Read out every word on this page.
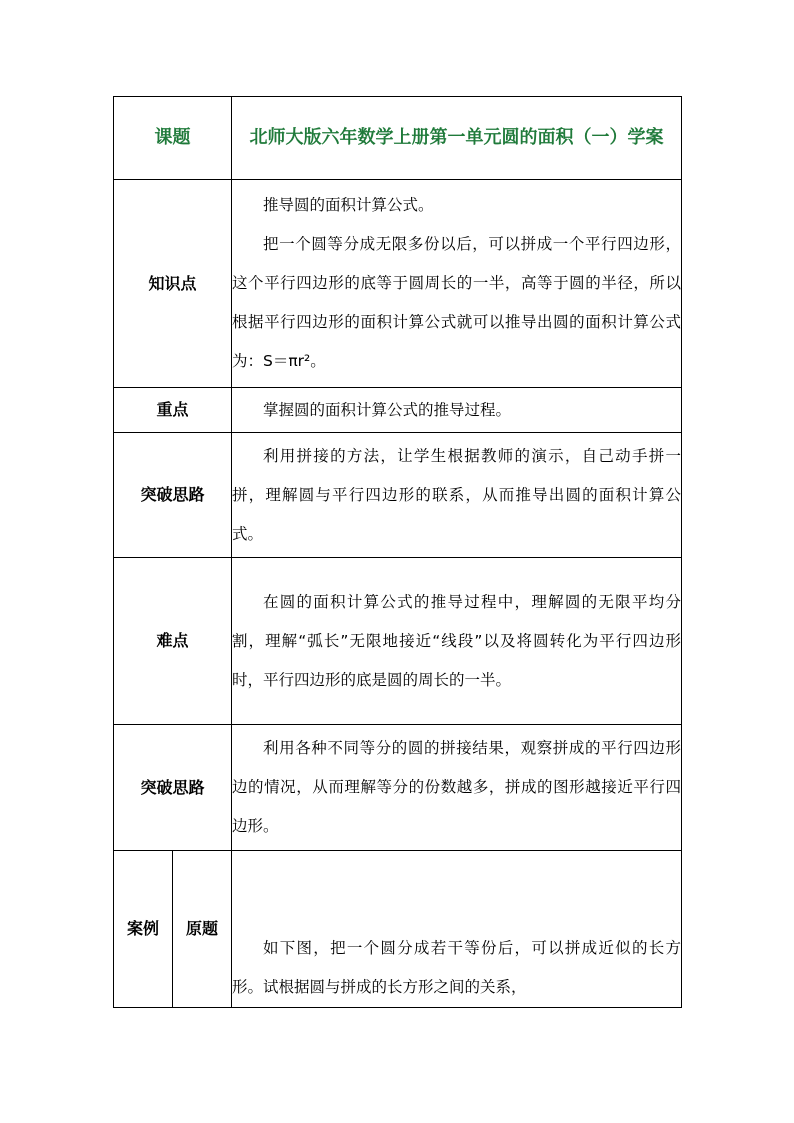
课题		北师大版六年数学上册第一单元圆的面积（一）学案
知识点		推导圆的面积计算公式。

把一个圆等分成无限多份以后，可以拼成一个平行四边形，这个平行四边形的底等于圆周长的一半，高等于圆的半径，所以根据平行四边形的面积计算公式就可以推导出圆的面积计算公式为：S＝πr²。

重点		掌握圆的面积计算公式的推导过程。
突破思路		利用拼接的方法，让学生根据教师的演示，自己动手拼一拼，理解圆与平行四边形的联系，从而推导出圆的面积计算公式。
难点		在圆的面积计算公式的推导过程中，理解圆的无限平均分割，理解“弧长”无限地接近“线段”以及将圆转化为平行四边形时，平行四边形的底是圆的周长的一半。
突破思路		利用各种不同等分的圆的拼接结果，观察拼成的平行四边形边的情况，从而理解等分的份数越多，拼成的图形越接近平行四边形。
案例	原题	如下图，把一个圆分成若干等份后，可以拼成近似的长方形。试根据圆与拼成的长方形之间的关系，
